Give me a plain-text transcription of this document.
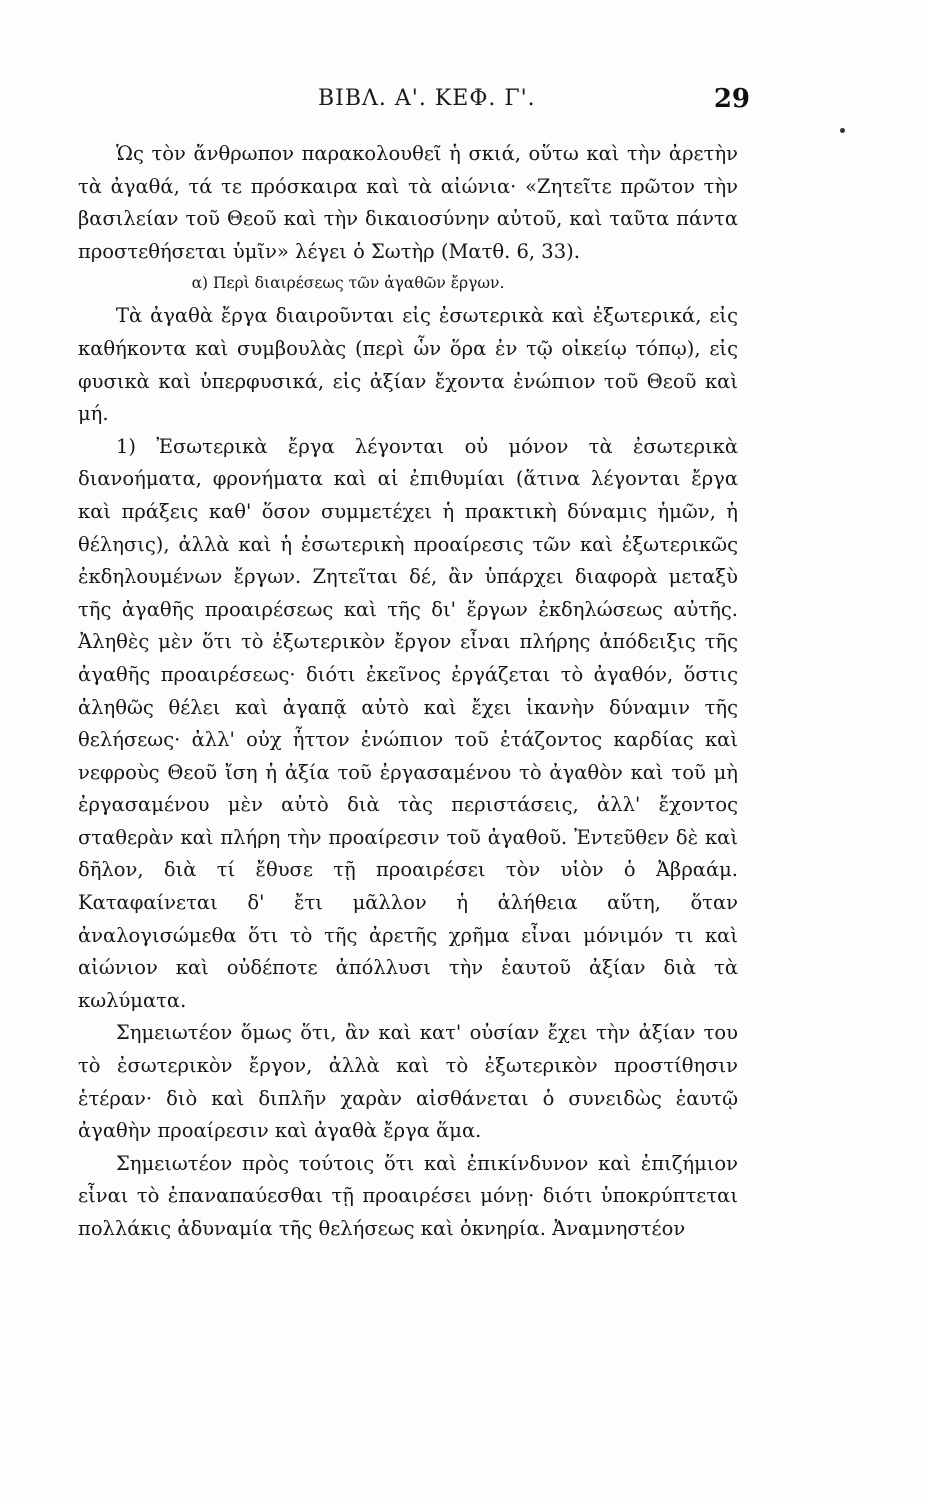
ΒΙΒΛ. Α'. ΚΕΦ. Γ'.	29

Ὡς τὸν ἄνθρωπον παρακολουθεῖ ἡ σκιά, οὕτω καὶ τὴν ἀρετὴν τὰ ἀγαθά, τά τε πρόσκαιρα καὶ τὰ αἰώνια· «Ζητεῖτε πρῶτον τὴν βασιλείαν τοῦ Θεοῦ καὶ τὴν δικαιοσύνην αὐτοῦ, καὶ ταῦτα πάντα προστεθήσεται ὑμῖν» λέγει ὁ Σωτὴρ (Ματθ. 6, 33).

α) Περὶ διαιρέσεως τῶν ἀγαθῶν ἔργων.

Τὰ ἀγαθὰ ἔργα διαιροῦνται εἰς ἐσωτερικὰ καὶ ἐξωτερικά, εἰς καθήκοντα καὶ συμβουλὰς (περὶ ὧν ὅρα ἐν τῷ οἰκείῳ τόπῳ), εἰς φυσικὰ καὶ ὑπερφυσικά, εἰς ἀξίαν ἔχοντα ἐνώπιον τοῦ Θεοῦ καὶ μή.

1) Ἐσωτερικὰ ἔργα λέγονται οὐ μόνον τὰ ἐσωτερικὰ διανοήματα, φρονήματα καὶ αἱ ἐπιθυμίαι (ἅτινα λέγονται ἔργα καὶ πράξεις καθ' ὅσον συμμετέχει ἡ πρακτικὴ δύναμις ἡμῶν, ἡ θέλησις), ἀλλὰ καὶ ἡ ἐσωτερικὴ προαίρεσις τῶν καὶ ἐξωτερικῶς ἐκδηλουμένων ἔργων. Ζητεῖται δέ, ἂν ὑπάρχει διαφορὰ μεταξὺ τῆς ἀγαθῆς προαιρέσεως καὶ τῆς δι' ἔργων ἐκδηλώσεως αὐτῆς. Ἀληθὲς μὲν ὅτι τὸ ἐξωτερικὸν ἔργον εἶναι πλήρης ἀπόδειξις τῆς ἀγαθῆς προαιρέσεως· διότι ἐκεῖνος ἐργάζεται τὸ ἀγαθόν, ὅστις ἀληθῶς θέλει καὶ ἀγαπᾷ αὐτὸ καὶ ἔχει ἱκανὴν δύναμιν τῆς θελήσεως· ἀλλ' οὐχ ἧττον ἐνώπιον τοῦ ἐτάζοντος καρδίας καὶ νεφροὺς Θεοῦ ἴση ἡ ἀξία τοῦ ἐργασαμένου τὸ ἀγαθὸν καὶ τοῦ μὴ ἐργασαμένου μὲν αὐτὸ διὰ τὰς περιστάσεις, ἀλλ' ἔχοντος σταθερὰν καὶ πλήρη τὴν προαίρεσιν τοῦ ἀγαθοῦ. Ἐντεῦθεν δὲ καὶ δῆλον, διὰ τί ἔθυσε τῇ προαιρέσει τὸν υἱὸν ὁ Ἀβραάμ. Καταφαίνεται δ' ἔτι μᾶλλον ἡ ἀλήθεια αὕτη, ὅταν ἀναλογισώμεθα ὅτι τὸ τῆς ἀρετῆς χρῆμα εἶναι μόνιμόν τι καὶ αἰώνιον καὶ οὐδέποτε ἀπόλλυσι τὴν ἑαυτοῦ ἀξίαν διὰ τὰ κωλύματα.

Σημειωτέον ὅμως ὅτι, ἂν καὶ κατ' οὐσίαν ἔχει τὴν ἀξίαν του τὸ ἐσωτερικὸν ἔργον, ἀλλὰ καὶ τὸ ἐξωτερικὸν προστίθησιν ἑτέραν· διὸ καὶ διπλῆν χαρὰν αἰσθάνεται ὁ συνειδὼς ἑαυτῷ ἀγαθὴν προαίρεσιν καὶ ἀγαθὰ ἔργα ἅμα.

Σημειωτέον πρὸς τούτοις ὅτι καὶ ἐπικίνδυνον καὶ ἐπιζήμιον εἶναι τὸ ἐπαναπαύεσθαι τῇ προαιρέσει μόνῃ· διότι ὑποκρύπτεται πολλάκις ἀδυναμία τῆς θελήσεως καὶ ὀκνηρία. Ἀναμνηστέον
